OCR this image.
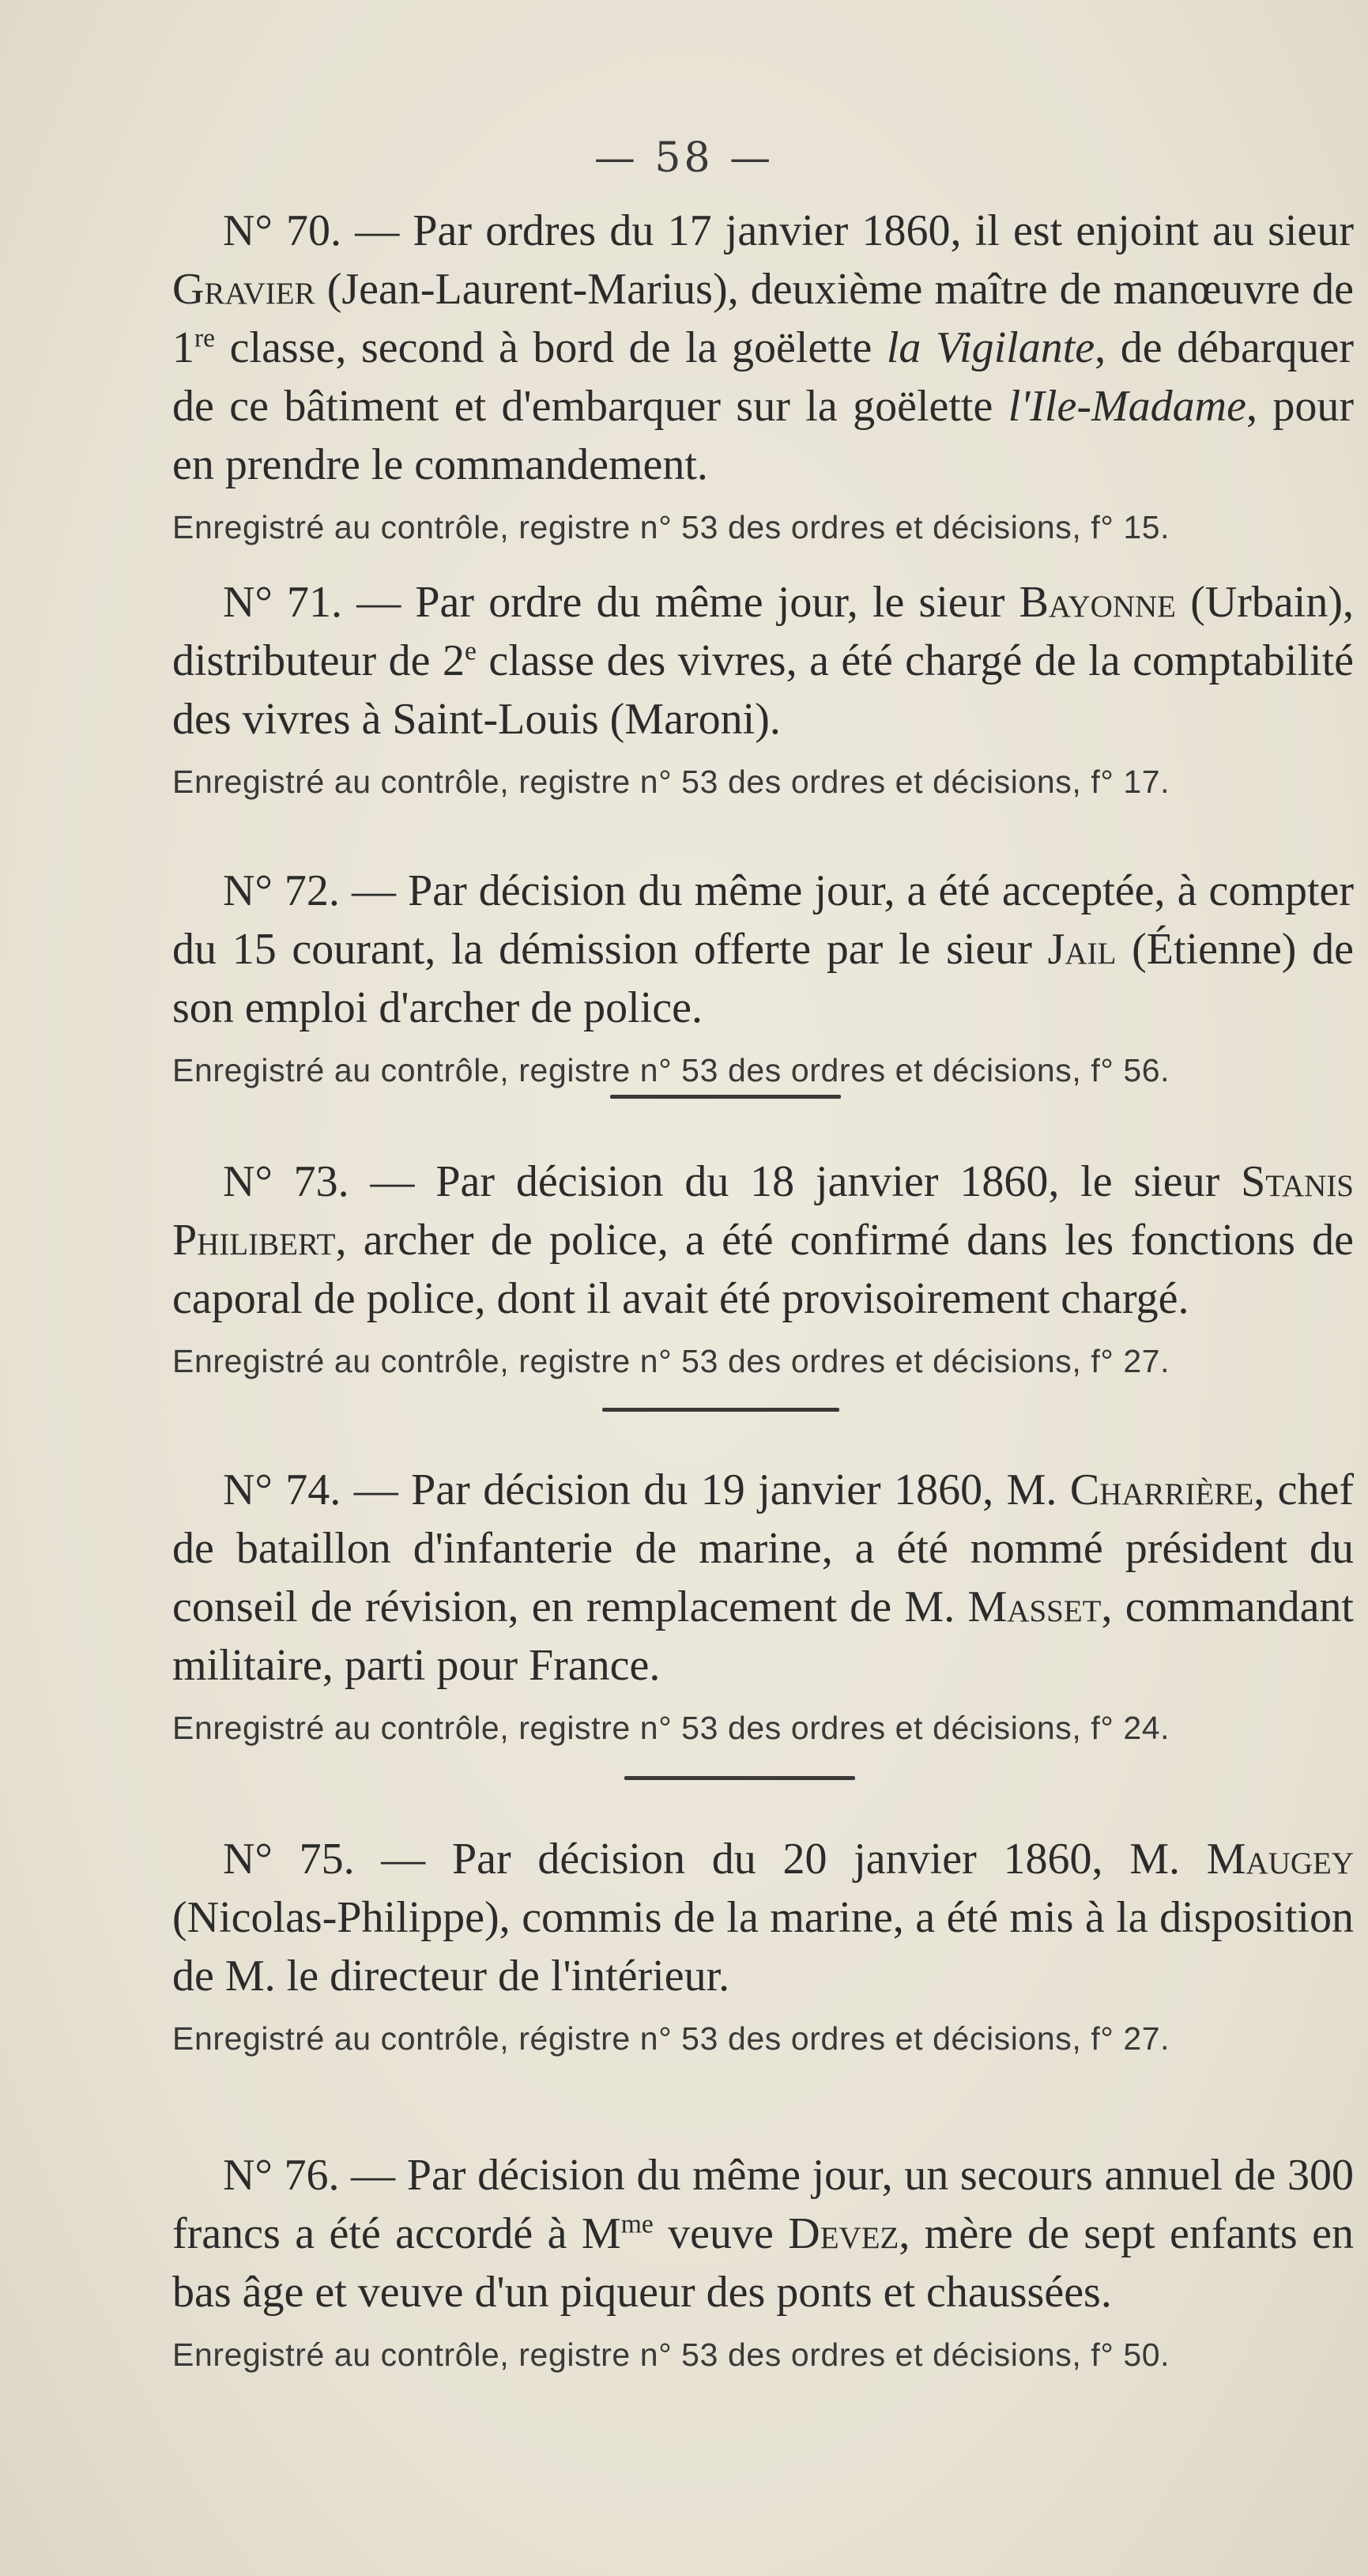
— 58 —

N° 70. — Par ordres du 17 janvier 1860, il est enjoint au sieur Gravier (Jean-Laurent-Marius), deuxième maître de manœuvre de 1re classe, second à bord de la goëlette la Vigilante, de débarquer de ce bâtiment et d'embarquer sur la goëlette l'Ile-Madame, pour en prendre le commandement.

Enregistré au contrôle, registre n° 53 des ordres et décisions, f° 15.

N° 71. — Par ordre du même jour, le sieur Bayonne (Urbain), distributeur de 2e classe des vivres, a été chargé de la comptabilité des vivres à Saint-Louis (Maroni).

Enregistré au contrôle, registre n° 53 des ordres et décisions, f° 17.

N° 72. — Par décision du même jour, a été acceptée, à compter du 15 courant, la démission offerte par le sieur Jail (Étienne) de son emploi d'archer de police.

Enregistré au contrôle, registre n° 53 des ordres et décisions, f° 56.

N° 73. — Par décision du 18 janvier 1860, le sieur Stanis Philibert, archer de police, a été confirmé dans les fonctions de caporal de police, dont il avait été provisoirement chargé.

Enregistré au contrôle, registre n° 53 des ordres et décisions, f° 27.

N° 74. — Par décision du 19 janvier 1860, M. Charrière, chef de bataillon d'infanterie de marine, a été nommé président du conseil de révision, en remplacement de M. Masset, commandant militaire, parti pour France.

Enregistré au contrôle, registre n° 53 des ordres et décisions, f° 24.

N° 75. — Par décision du 20 janvier 1860, M. Maugey (Nicolas-Philippe), commis de la marine, a été mis à la disposition de M. le directeur de l'intérieur.

Enregistré au contrôle, régistre n° 53 des ordres et décisions, f° 27.

N° 76. — Par décision du même jour, un secours annuel de 300 francs a été accordé à $M^{me}$ veuve Devez, mère de sept enfants en bas âge et veuve d'un piqueur des ponts et chaussées.

Enregistré au contrôle, registre n° 53 des ordres et décisions, f° 50.
